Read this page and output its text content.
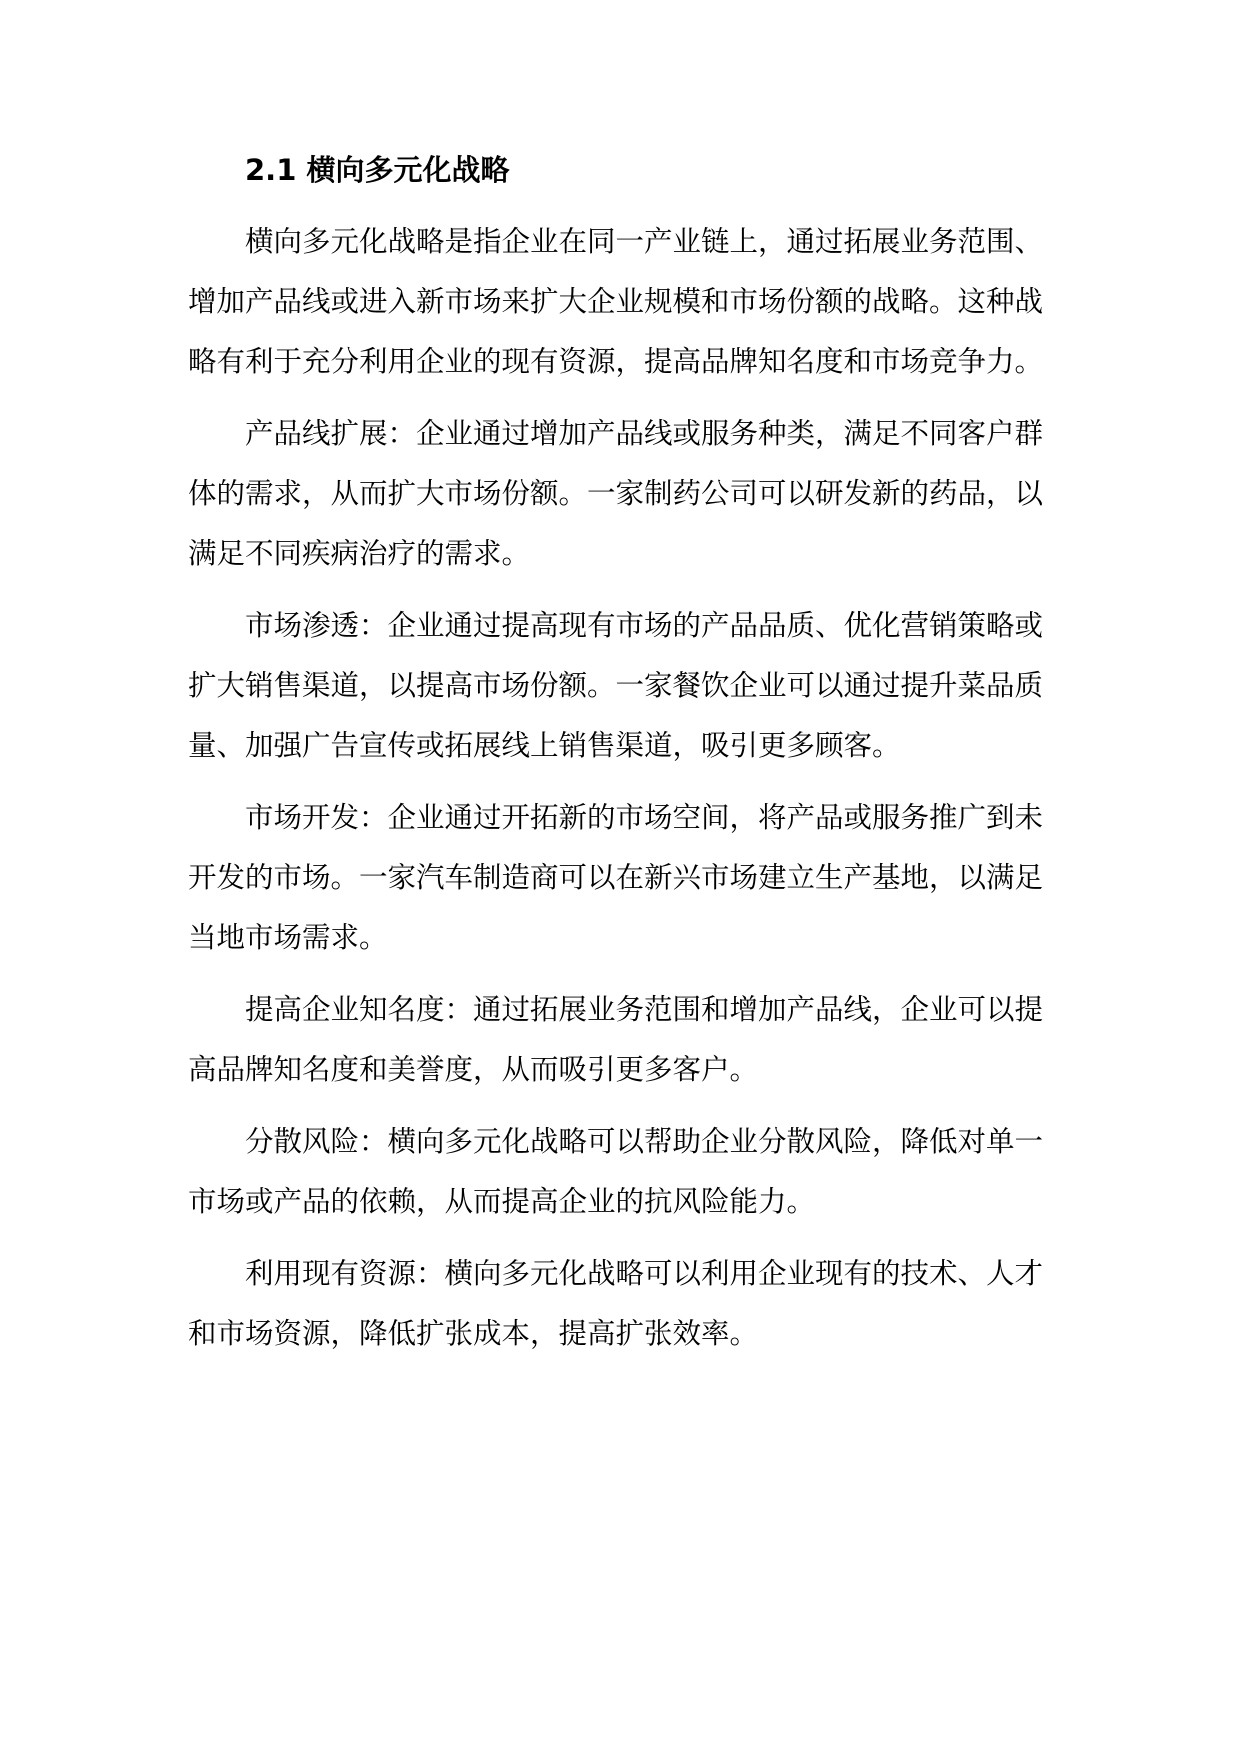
2.1 横向多元化战略
横向多元化战略是指企业在同一产业链上，通过拓展业务范围、
增加产品线或进入新市场来扩大企业规模和市场份额的战略。这种战
略有利于充分利用企业的现有资源，提高品牌知名度和市场竞争力。
产品线扩展：企业通过增加产品线或服务种类，满足不同客户群
体的需求，从而扩大市场份额。一家制药公司可以研发新的药品，以
满足不同疾病治疗的需求。
市场渗透：企业通过提高现有市场的产品品质、优化营销策略或
扩大销售渠道，以提高市场份额。一家餐饮企业可以通过提升菜品质
量、加强广告宣传或拓展线上销售渠道，吸引更多顾客。
市场开发：企业通过开拓新的市场空间，将产品或服务推广到未
开发的市场。一家汽车制造商可以在新兴市场建立生产基地，以满足
当地市场需求。
提高企业知名度：通过拓展业务范围和增加产品线，企业可以提
高品牌知名度和美誉度，从而吸引更多客户。
分散风险：横向多元化战略可以帮助企业分散风险，降低对单一
市场或产品的依赖，从而提高企业的抗风险能力。
利用现有资源：横向多元化战略可以利用企业现有的技术、人才
和市场资源，降低扩张成本，提高扩张效率。
